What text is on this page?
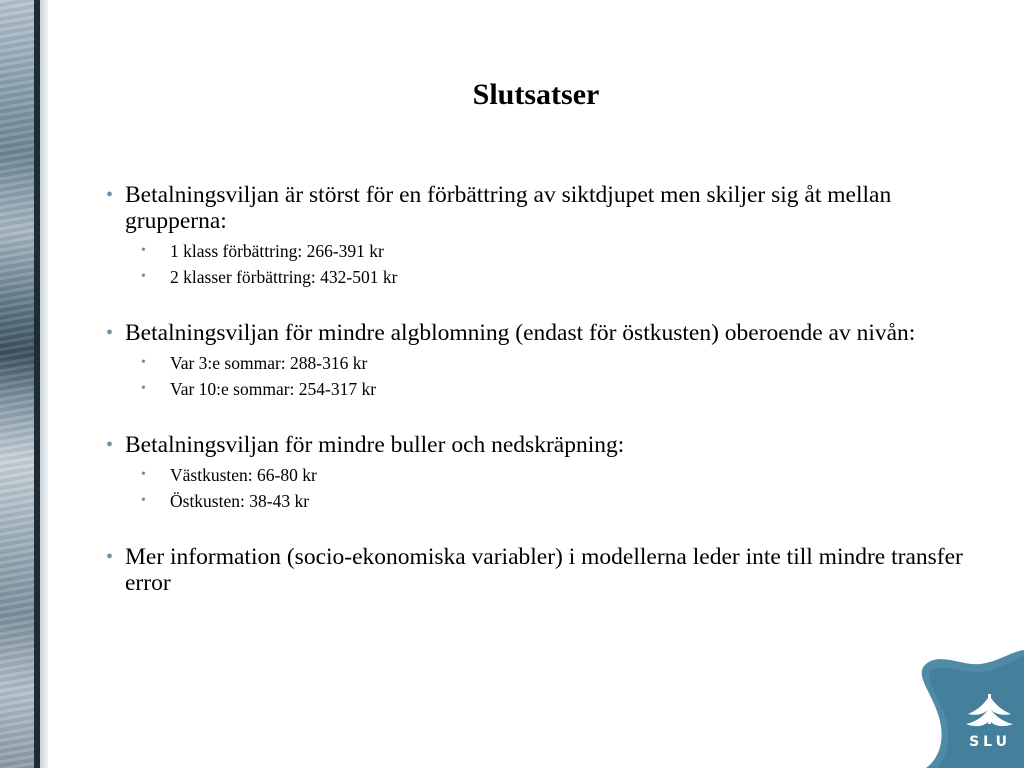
Slutsatser
• Betalningsviljan är störst för en förbättring av siktdjupet men skiljer sig åt mellan grupperna:
• 1 klass förbättring: 266-391 kr
• 2 klasser förbättring: 432-501 kr
• Betalningsviljan för mindre algblomning (endast för östkusten) oberoende av nivån:
• Var 3:e sommar: 288-316 kr
• Var 10:e sommar: 254-317 kr
• Betalningsviljan för mindre buller och nedskräpning:
• Västkusten: 66-80 kr
• Östkusten: 38-43 kr
• Mer information (socio-ekonomiska variabler) i modellerna leder inte till mindre transfer error
SLU
